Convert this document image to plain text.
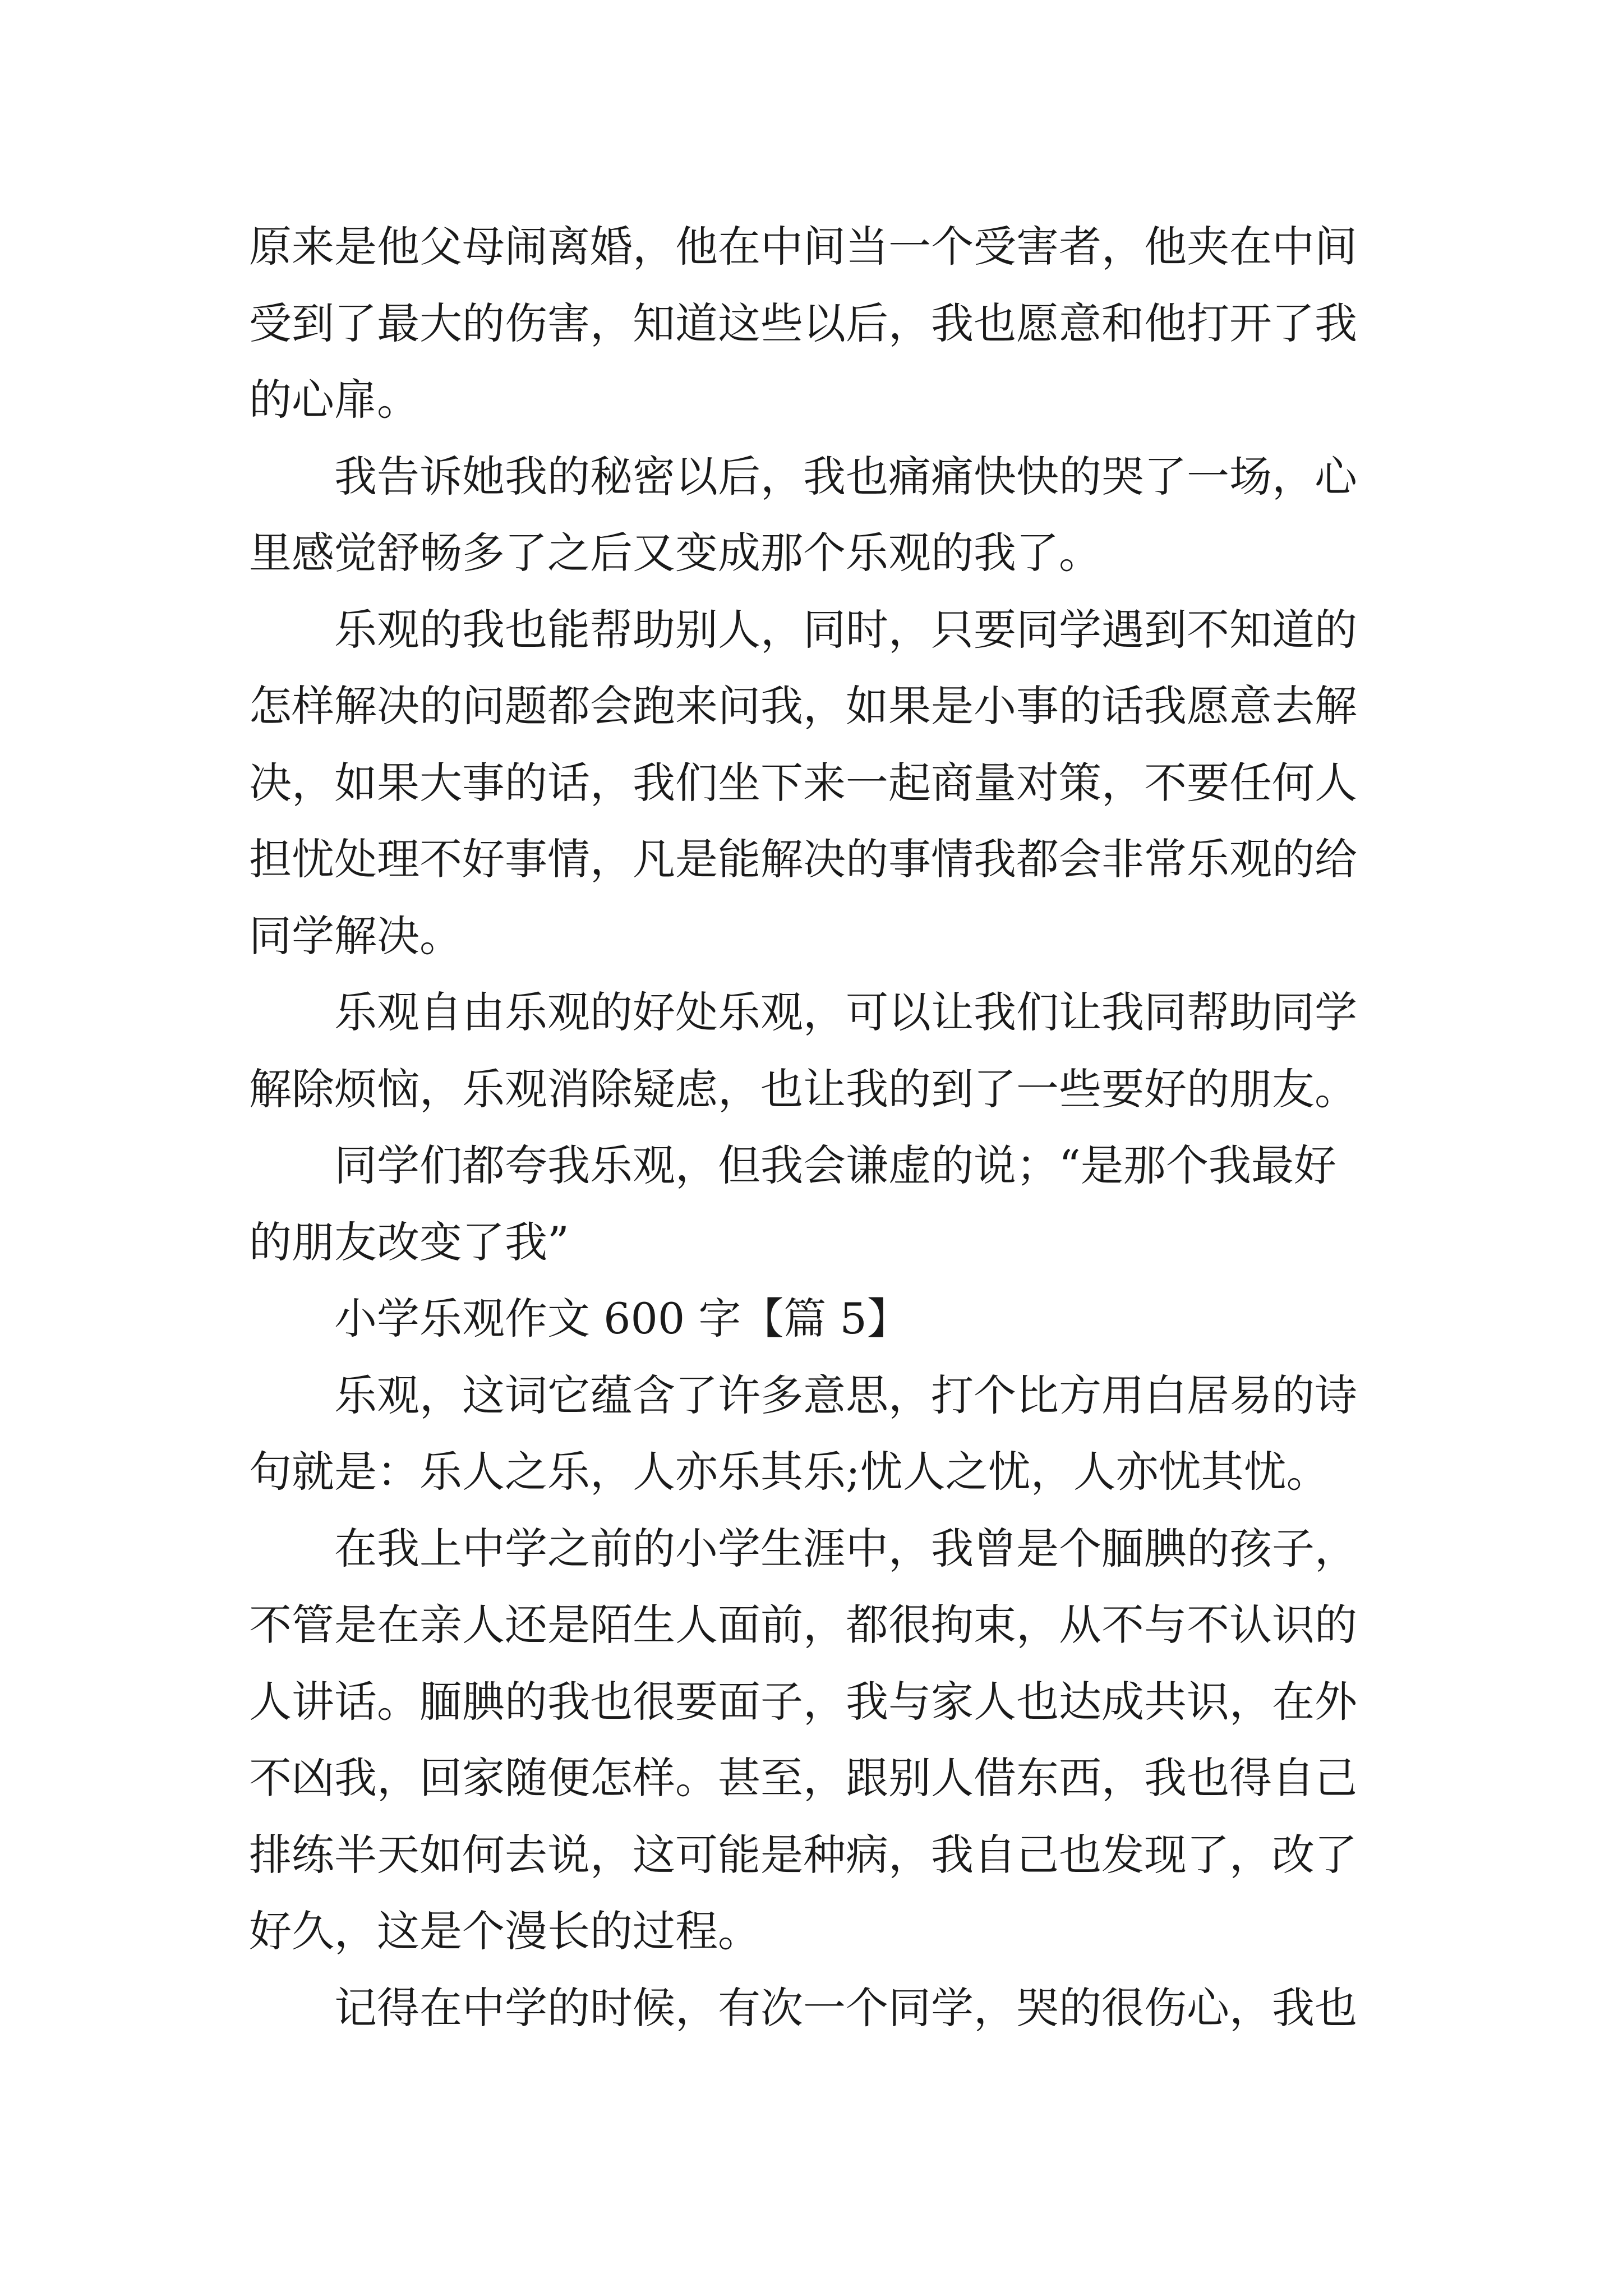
原来是他父母闹离婚，他在中间当一个受害者，他夹在中间
受到了最大的伤害，知道这些以后，我也愿意和他打开了我
的心扉。
我告诉她我的秘密以后，我也痛痛快快的哭了一场，心
里感觉舒畅多了之后又变成那个乐观的我了。
乐观的我也能帮助别人，同时，只要同学遇到不知道的
怎样解决的问题都会跑来问我，如果是小事的话我愿意去解
决，如果大事的话，我们坐下来一起商量对策，不要任何人
担忧处理不好事情，凡是能解决的事情我都会非常乐观的给
同学解决。
乐观自由乐观的好处乐观，可以让我们让我同帮助同学
解除烦恼，乐观消除疑虑，也让我的到了一些要好的朋友。
同学们都夸我乐观，但我会谦虚的说；“是那个我最好
的朋友改变了我”
小学乐观作文 600 字【篇 5】
乐观，这词它蕴含了许多意思，打个比方用白居易的诗
句就是：乐人之乐，人亦乐其乐;忧人之忧，人亦忧其忧。
在我上中学之前的小学生涯中，我曾是个腼腆的孩子，
不管是在亲人还是陌生人面前，都很拘束，从不与不认识的
人讲话。腼腆的我也很要面子，我与家人也达成共识，在外
不凶我，回家随便怎样。甚至，跟别人借东西，我也得自己
排练半天如何去说，这可能是种病，我自己也发现了，改了
好久，这是个漫长的过程。
记得在中学的时候，有次一个同学，哭的很伤心，我也
